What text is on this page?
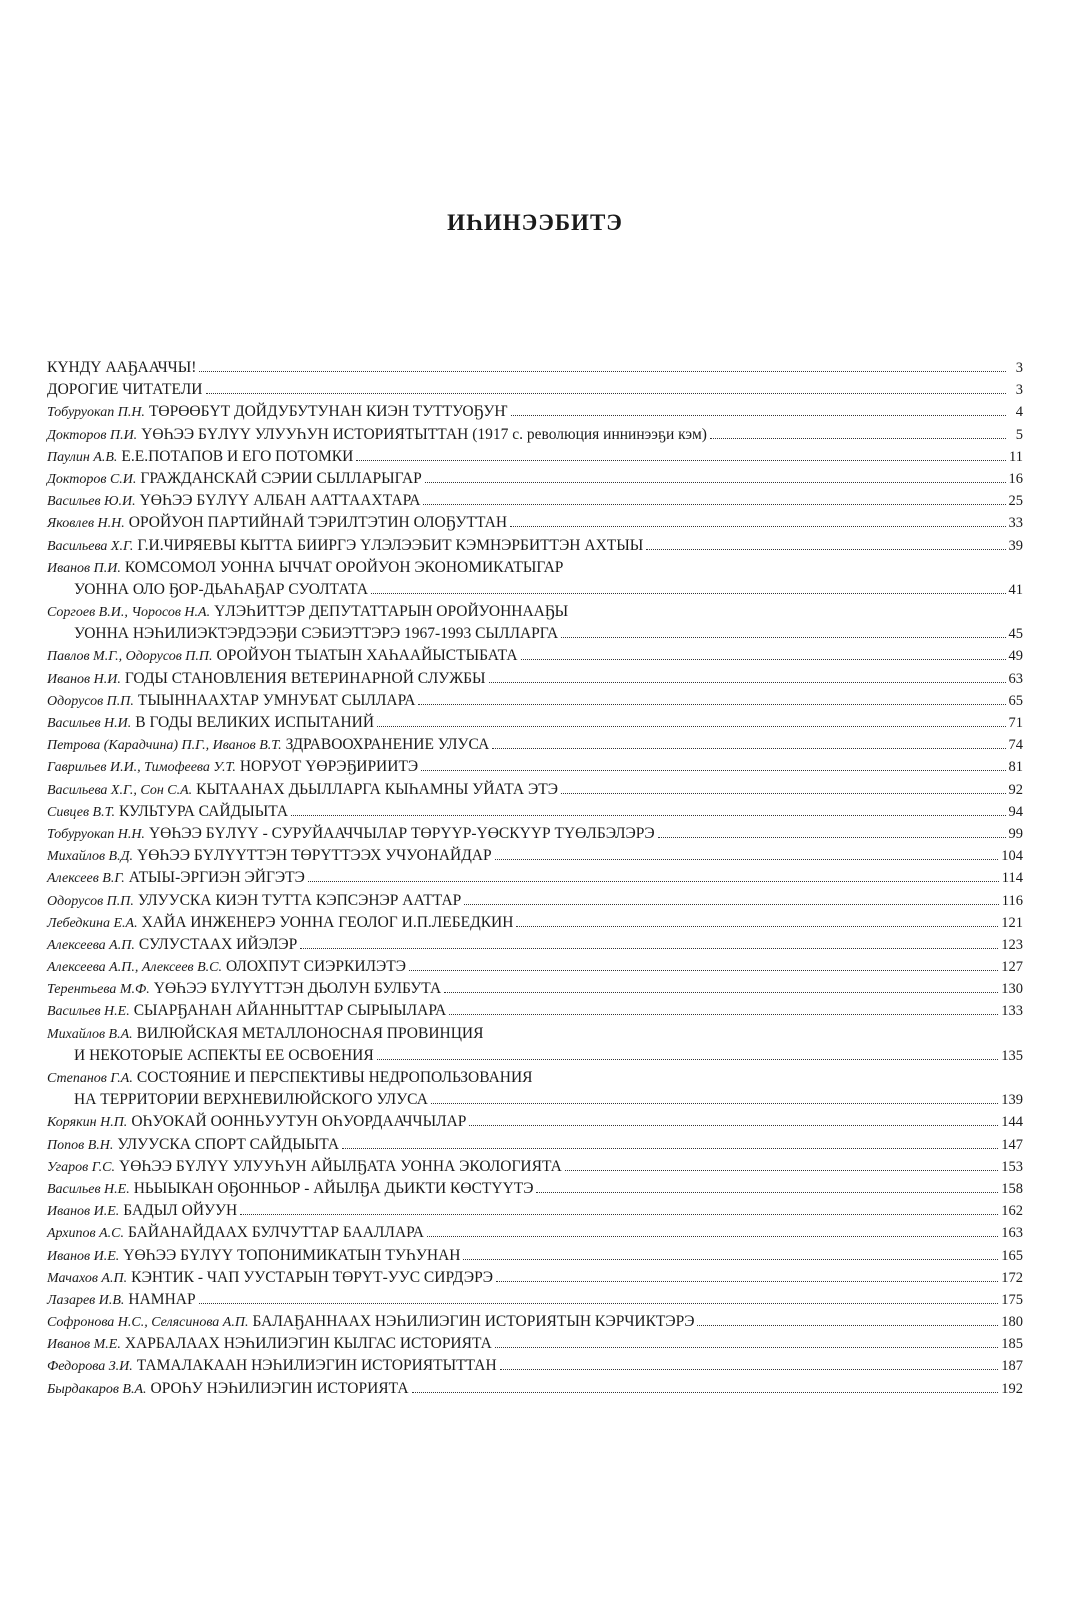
ИҺИНЭЭБИТЭ
КҮНДҮ ААҔААЧЧЫ!	3
ДОРОГИЕ ЧИТАТЕЛИ	3
Тобуруокап П.Н. ТӨРӨӨБҮТ ДОЙДУБУТУНАН КИЭН ТУТТУОҔУҤ	4
Докторов П.И. ҮӨҺЭЭ БҮЛҮҮ УЛУУҺУН ИСТОРИЯТЫТТАН (1917 с. революция иннинээҕи кэм)	5
Паулин А.В. Е.Е.ПОТАПОВ И ЕГО ПОТОМКИ	11
Докторов С.И. ГРАЖДАНСКАЙ СЭРИИ СЫЛЛАРЫГАР	16
Васильев Ю.И. ҮӨҺЭЭ БҮЛҮҮ АЛБАН ААТТААХТАРА	25
Яковлев Н.Н. ОРОЙУОН ПАРТИЙНАЙ ТЭРИЛТЭТИН ОЛОҔУТТАН	33
Васильева Х.Г. Г.И.ЧИРЯЕВЫ КЫТТА БИИРГЭ ҮЛЭЛЭЭБИТ КЭМНЭРБИТТЭН АХТЫЫ	39
Иванов П.И. КОМСОМОЛ УОННА ЫЧЧАТ ОРОЙУОН ЭКОНОМИКАТЫГАР
УОННА ОЛО ҔОР-ДЬАҺАҔАР СУОЛТАТА	41
Соргоев В.И., Чоросов Н.А. ҮЛЭҺИТТЭР ДЕПУТАТТАРЫН ОРОЙУОННААҔЫ
УОННА НЭҺИЛИЭКТЭРДЭЭҔИ СЭБИЭТТЭРЭ 1967-1993 СЫЛЛАРГА	45
Павлов М.Г., Одорусов П.П. ОРОЙУОН ТЫАТЫН ХАҺААЙЫСТЫБАТА	49
Иванов Н.И. ГОДЫ СТАНОВЛЕНИЯ ВЕТЕРИНАРНОЙ СЛУЖБЫ	63
Одорусов П.П. ТЫЫННААХТАР УМНУБАТ СЫЛЛАРА	65
Васильев Н.И. В ГОДЫ ВЕЛИКИХ ИСПЫТАНИЙ	71
Петрова (Карадчина) П.Г., Иванов В.Т. ЗДРАВООХРАНЕНИЕ УЛУСА	74
Гаврильев И.И., Тимофеева У.Т. НОРУОТ ҮӨРЭҔИРИИТЭ	81
Васильева Х.Г., Сон С.А. КЫТААНАХ ДЬЫЛЛАРГА КЫҺАМНЫ УЙАТА ЭТЭ	92
Сивцев В.Т. КУЛЬТУРА САЙДЫЫТА	94
Тобуруокап Н.Н. ҮӨҺЭЭ БҮЛҮҮ - СУРУЙААЧЧЫЛАР ТӨРҮҮР-ҮӨСКҮҮР ТҮӨЛБЭЛЭРЭ	99
Михайлов В.Д. ҮӨҺЭЭ БҮЛҮҮТТЭН ТӨРҮТТЭЭХ УЧУОНАЙДАР	104
Алексеев В.Г. АТЫЫ-ЭРГИЭН ЭЙГЭТЭ	114
Одорусов П.П. УЛУУСКА КИЭН ТУТТА КЭПСЭНЭР ААТТАР	116
Лебедкина Е.А. ХАЙА ИНЖЕНЕРЭ УОННА ГЕОЛОГ И.П.ЛЕБЕДКИН	121
Алексеева А.П. СУЛУСТААХ ИЙЭЛЭР	123
Алексеева А.П., Алексеев В.С. ОЛОХПУТ СИЭРКИЛЭТЭ	127
Терентьева М.Ф. ҮӨҺЭЭ БҮЛҮҮТТЭН ДЬОЛУН БУЛБУТА	130
Васильев Н.Е. СЫАРҔАНАН АЙАННЫТТАР СЫРЫЫЛАРА	133
Михайлов В.А. ВИЛЮЙСКАЯ МЕТАЛЛОНОСНАЯ ПРОВИНЦИЯ
И НЕКОТОРЫЕ АСПЕКТЫ ЕЕ ОСВОЕНИЯ	135
Степанов Г.А. СОСТОЯНИЕ И ПЕРСПЕКТИВЫ НЕДРОПОЛЬЗОВАНИЯ
НА ТЕРРИТОРИИ ВЕРХНЕВИЛЮЙСКОГО УЛУСА	139
Корякин Н.П. ОҺУОКАЙ ООННЬУУТУН ОҺУОРДААЧЧЫЛАР	144
Попов В.Н. УЛУУСКА СПОРТ САЙДЫЫТА	147
Угаров Г.С. ҮӨҺЭЭ БҮЛҮҮ УЛУУҺУН АЙЫЛҔАТА УОННА ЭКОЛОГИЯТА	153
Васильев Н.Е. НЬЫЫКАН ОҔОННЬОР - АЙЫЛҔА ДЬИКТИ КӨСТҮҮТЭ	158
Иванов И.Е. БАДЫЛ ОЙУУН	162
Архипов А.С. БАЙАНАЙДААХ БУЛЧУТТАР БААЛЛАРА	163
Иванов И.Е. ҮӨҺЭЭ БҮЛҮҮ ТОПОНИМИКАТЫН ТУҺУНАН	165
Мачахов А.П. КЭНТИК - ЧАП УУСТАРЫН ТӨРҮТ-УУС СИРДЭРЭ	172
Лазарев И.В. НАМНАР	175
Софронова Н.С., Селясинова А.П. БАЛАҔАННААХ НЭҺИЛИЭГИН ИСТОРИЯТЫН КЭРЧИКТЭРЭ	180
Иванов М.Е. ХАРБАЛААХ НЭҺИЛИЭГИН КЫЛГАС ИСТОРИЯТА	185
Федорова З.И. ТАМАЛАКААН НЭҺИЛИЭГИН ИСТОРИЯТЫТТАН	187
Бырдакаров В.А. ОРОҺУ НЭҺИЛИЭГИН ИСТОРИЯТА	192
